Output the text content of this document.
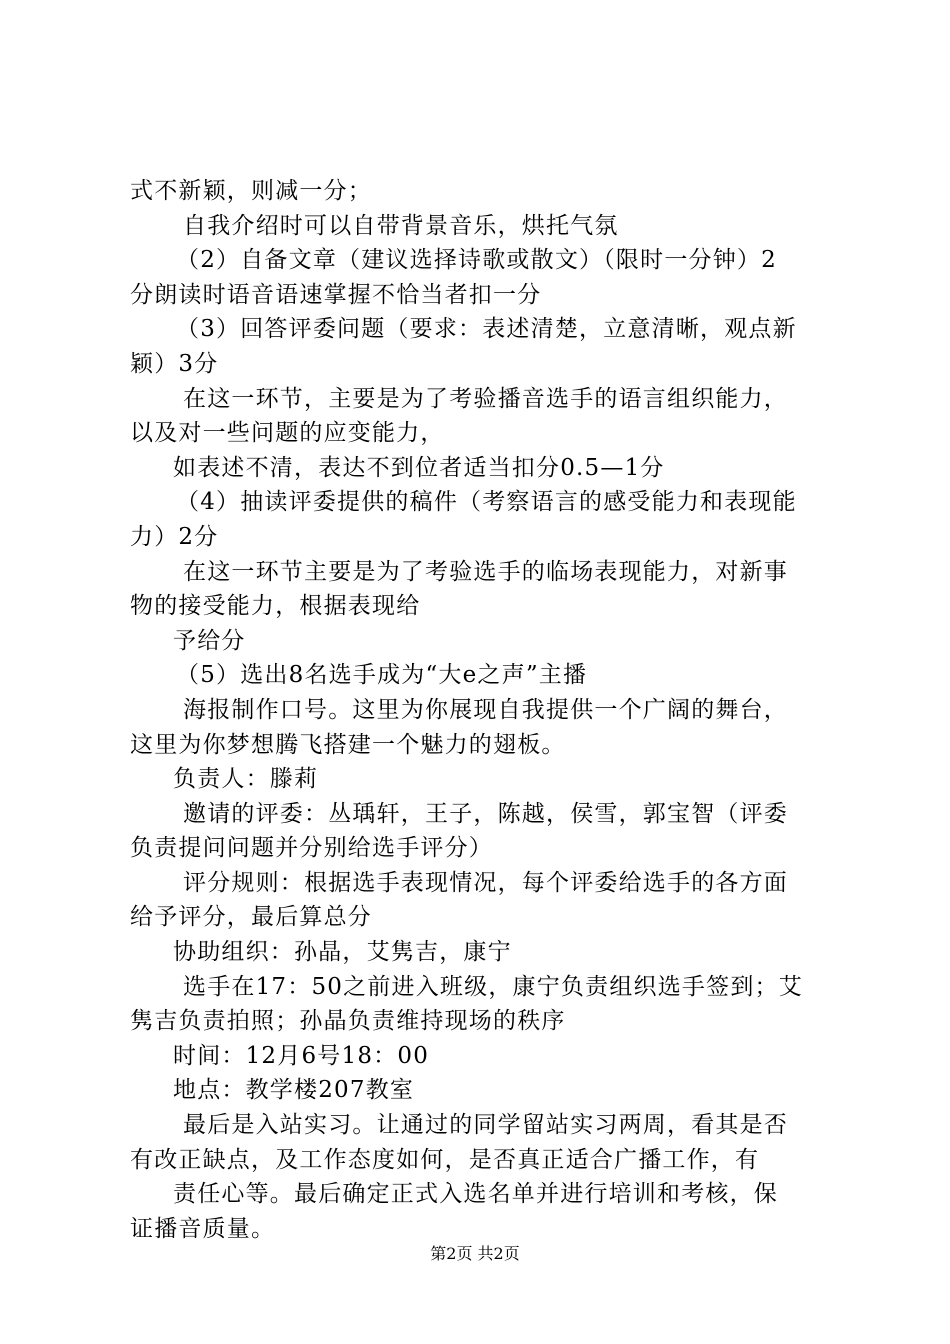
式不新颖，则减一分；
自我介绍时可以自带背景音乐，烘托气氛
（2）自备文章（建议选择诗歌或散文）（限时一分钟）2
分朗读时语音语速掌握不恰当者扣一分
（3）回答评委问题（要求：表述清楚，立意清晰，观点新
颖）3分
在这一环节，主要是为了考验播音选手的语言组织能力，
以及对一些问题的应变能力，
如表述不清，表达不到位者适当扣分0.5—1分
（4）抽读评委提供的稿件（考察语言的感受能力和表现能
力）2分
在这一环节主要是为了考验选手的临场表现能力，对新事
物的接受能力，根据表现给
予给分
（5）选出8名选手成为“大e之声”主播
海报制作口号。这里为你展现自我提供一个广阔的舞台，
这里为你梦想腾飞搭建一个魅力的翅板。
负责人：滕莉
邀请的评委：丛瑀轩，王子，陈越，侯雪，郭宝智（评委
负责提问问题并分别给选手评分）
评分规则：根据选手表现情况，每个评委给选手的各方面
给予评分，最后算总分
协助组织：孙晶，艾隽吉，康宁
选手在17：50之前进入班级，康宁负责组织选手签到；艾
隽吉负责拍照；孙晶负责维持现场的秩序
时间：12月6号18：00
地点：教学楼207教室
最后是入站实习。让通过的同学留站实习两周，看其是否
有改正缺点，及工作态度如何，是否真正适合广播工作，有
责任心等。最后确定正式入选名单并进行培训和考核，保
证播音质量。
第2页 共2页
